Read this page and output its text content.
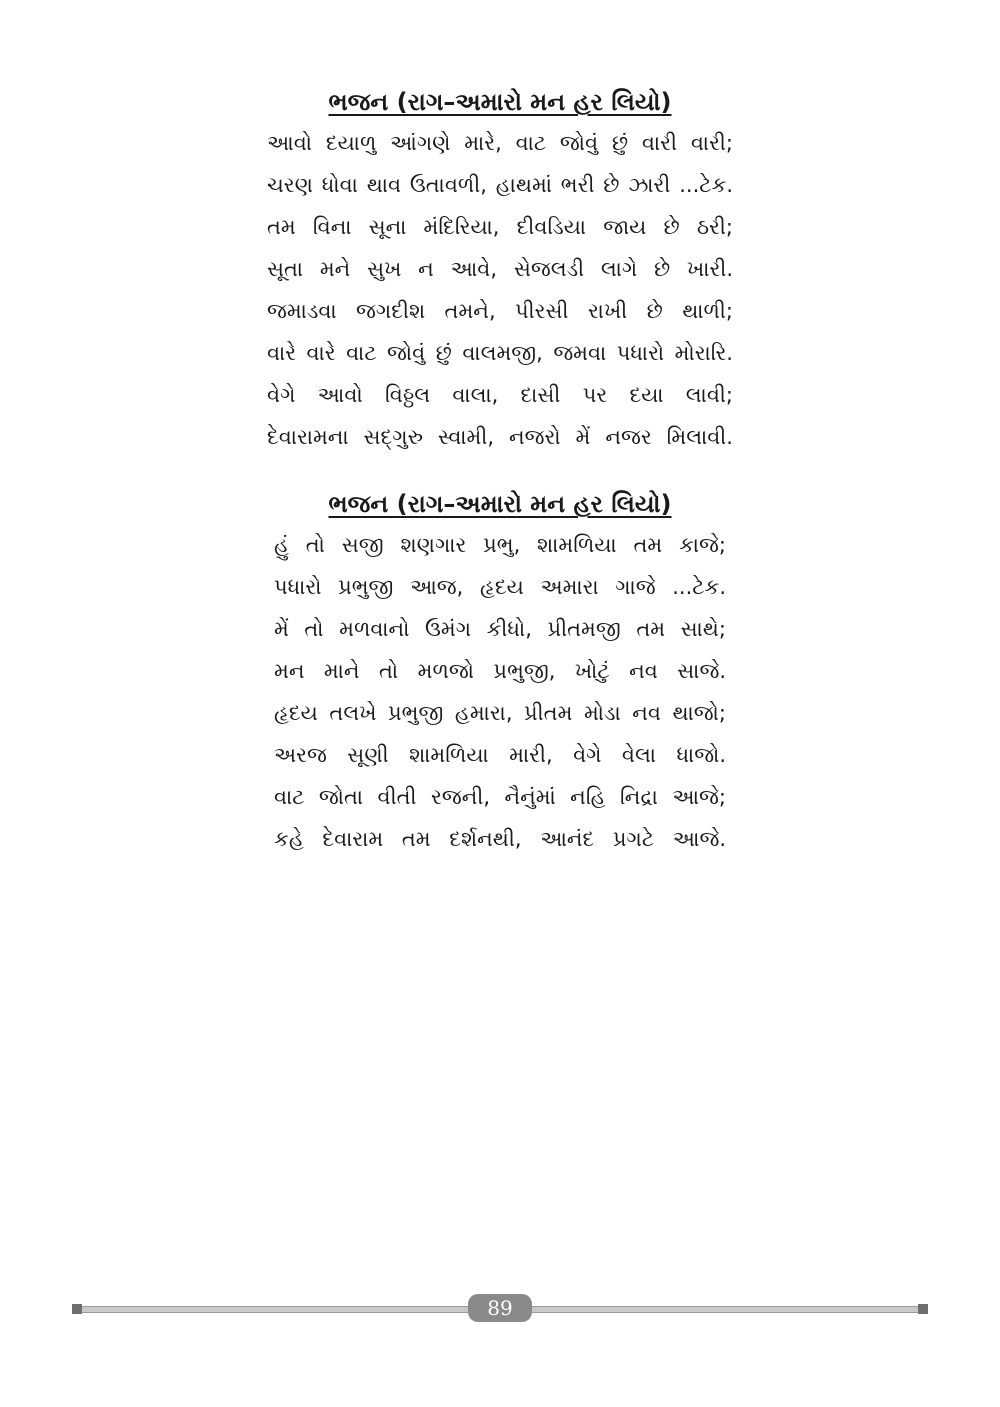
ભજન (રાગ–અમારો મન હર લિયો)
આવો દયાળુ આંગણે મારે, વાટ જોવું છું વારી વારી;
ચરણ ધોવા થાવ ઉતાવળી, હાથમાં ભરી છે ઝારી ...ટેક.
તમ વિના સૂના મંદિરિયા, દીવડિયા જાય છે ઠરી;
સૂતા મને સુખ ન આવે, સેજલડી લાગે છે ખારી.
જમાડવા જગદીશ તમને, પીરસી રાખી છે થાળી;
વારે વારે વાટ જોવું છું વાલમજી, જમવા પધારો મોરારિ.
વેગે આવો વિઠ્ઠલ વાલા, દાસી પર દયા લાવી;
દેવારામના સદ્‌ગુરુ સ્વામી, નજરો મેં નજર મિલાવી.
ભજન (રાગ–અમારો મન હર લિયો)
હું તો સજી શણગાર પ્રભુ, શામળિયા તમ કાજે;
પધારો પ્રભુજી આજ, હૃદય અમારા ગાજે ...ટેક.
મેં તો મળવાનો ઉમંગ કીધો, પ્રીતમજી તમ સાથે;
મન માને તો મળજો પ્રભુજી, ખોટું નવ સાજે.
હૃદય તલખે પ્રભુજી હમારા, પ્રીતમ મોડા નવ થાજો;
અરજ સૂણી શામળિયા મારી, વેગે વેલા ધાજો.
વાટ જોતા વીતી રજની, નૈનુંમાં નહિ નિદ્રા આજે;
કહે દેવારામ તમ દર્શનથી, આનંદ પ્રગટે આજે.
89
